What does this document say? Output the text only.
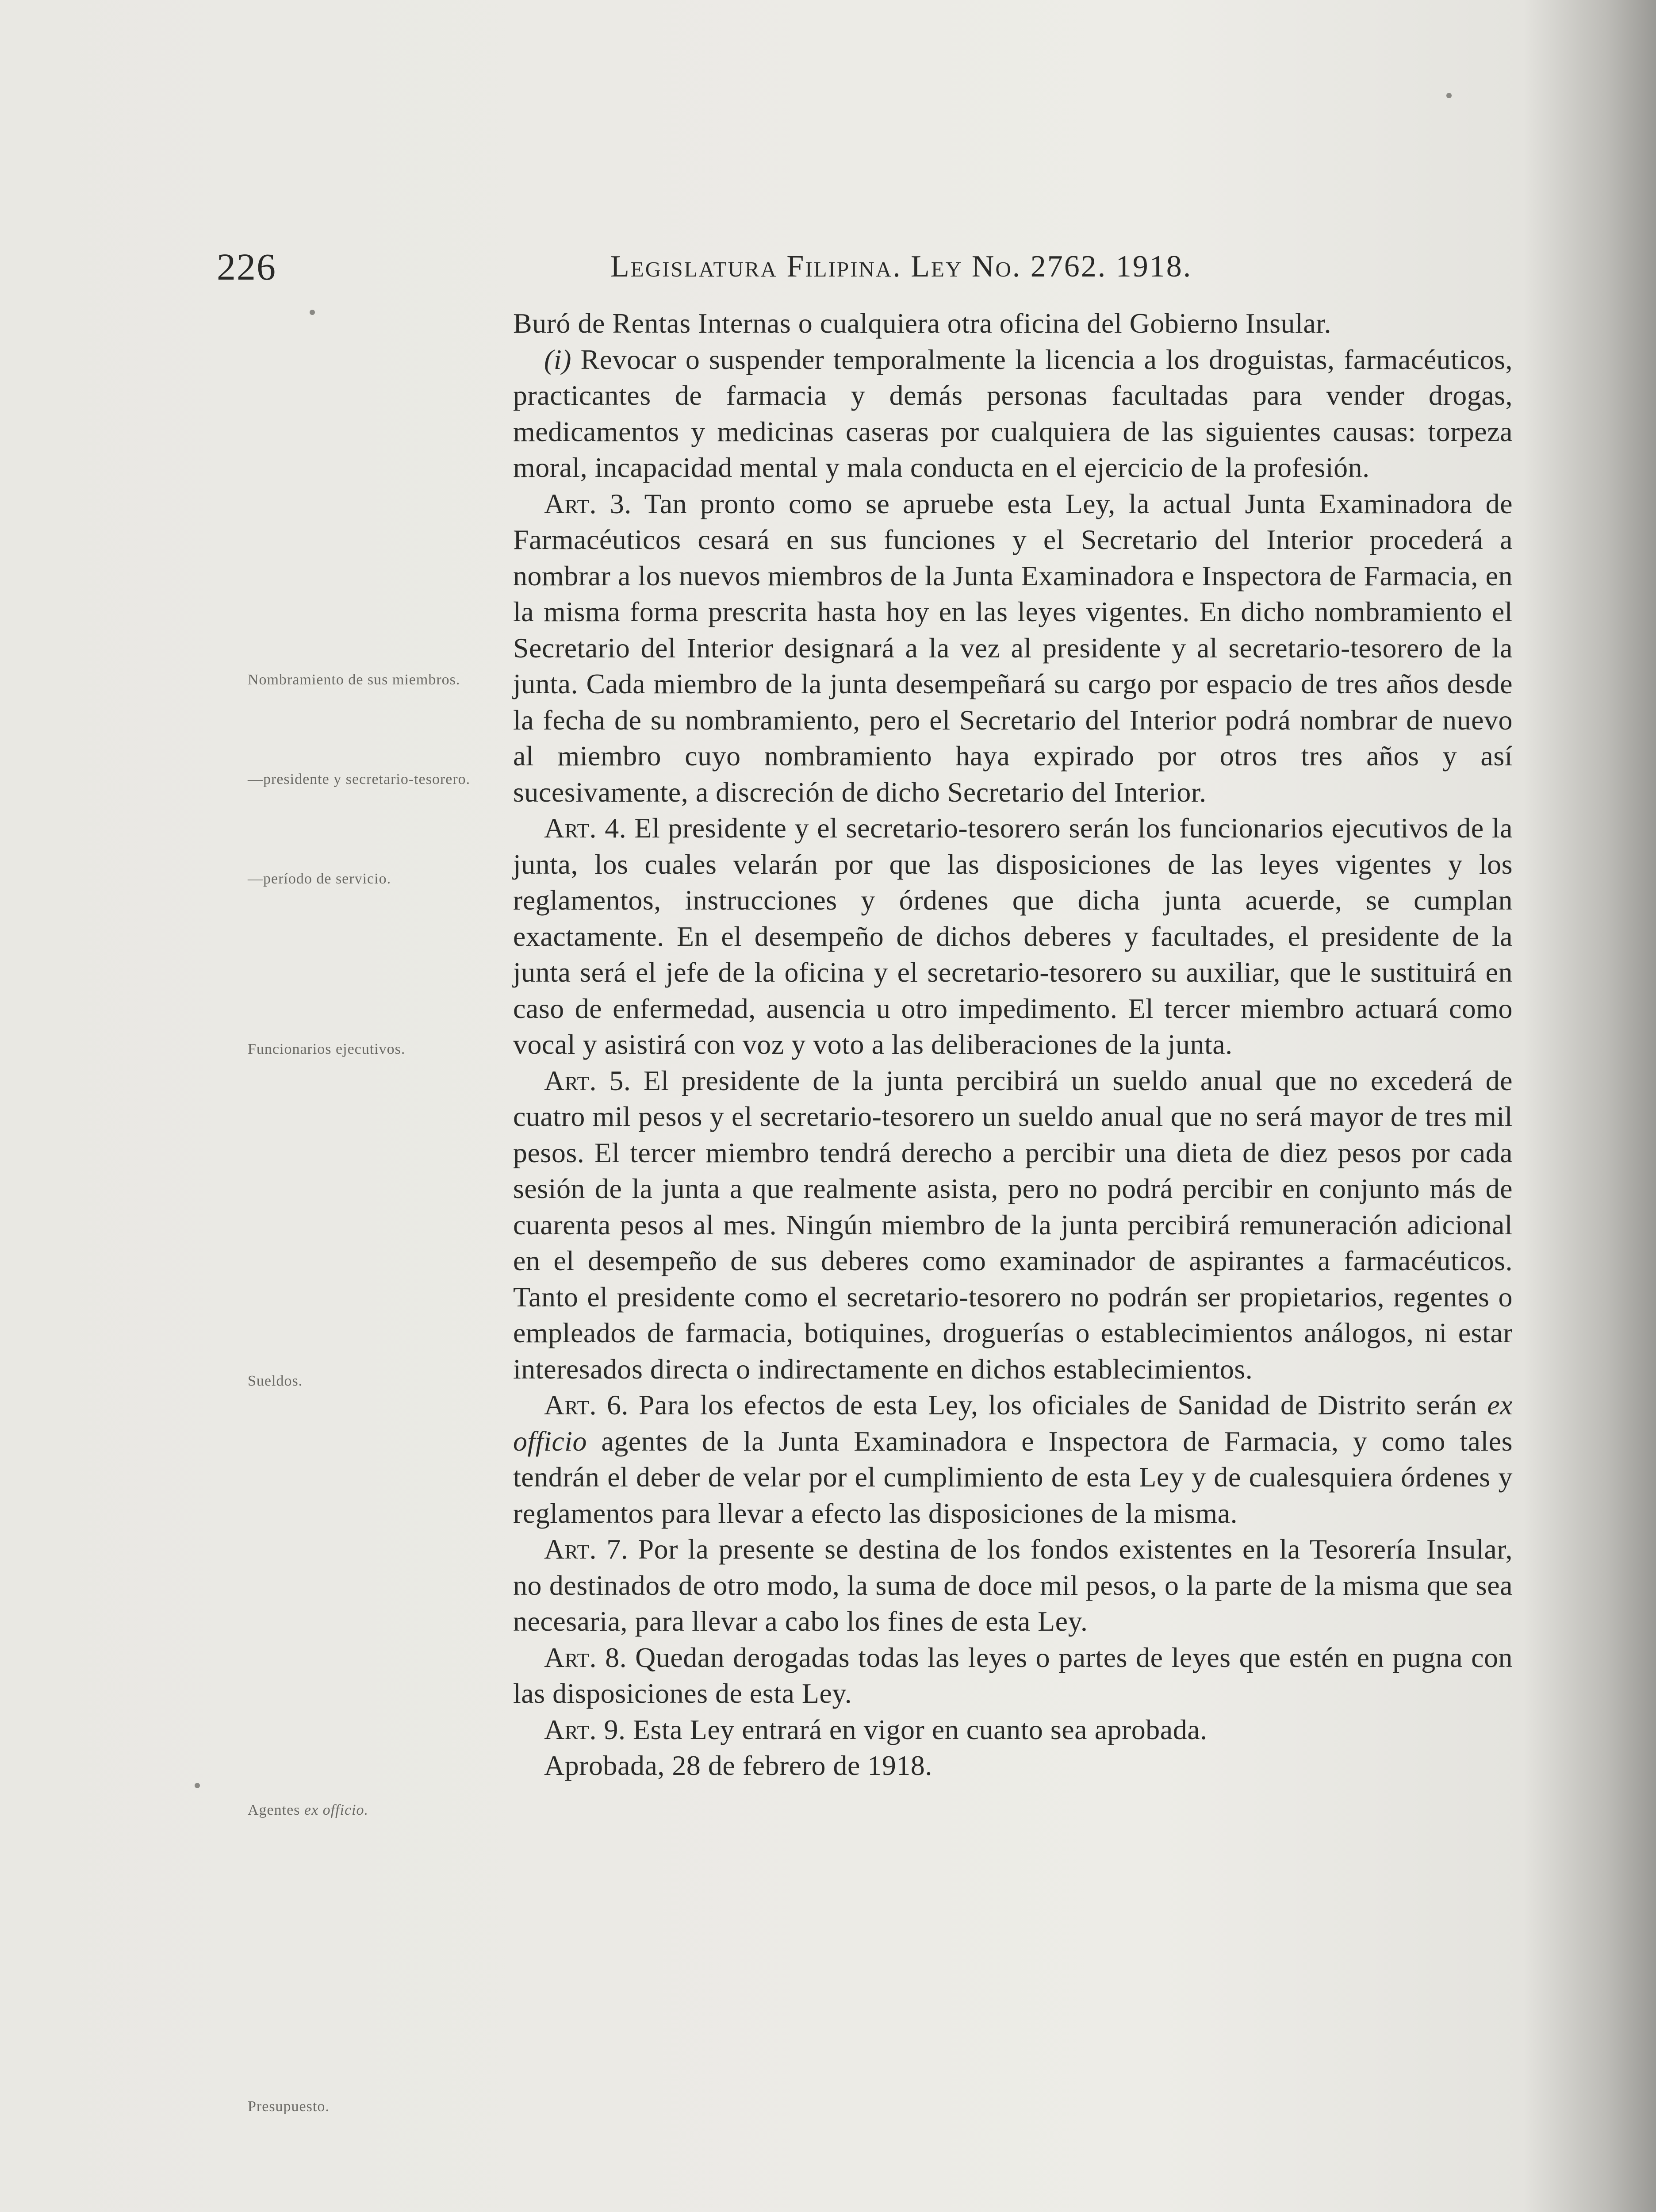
226	Legislatura Filipina. Ley No. 2762. 1918.
Nombramiento de sus miembros.
—presidente y secretario-tesorero.
—período de servicio.
Funcionarios ejecutivos.
Sueldos.
Agentes ex officio.
Presupuesto.

Buró de Rentas Internas o cualquiera otra oficina del Gobierno Insular.

(i) Revocar o suspender temporalmente la licencia a los droguistas, farmacéuticos, practicantes de farmacia y demás personas facultadas para vender drogas, medicamentos y medicinas caseras por cualquiera de las siguientes causas: torpeza moral, incapacidad mental y mala conducta en el ejercicio de la profesión.

Art. 3. Tan pronto como se apruebe esta Ley, la actual Junta Examinadora de Farmacéuticos cesará en sus funciones y el Secretario del Interior procederá a nombrar a los nuevos miembros de la Junta Examinadora e Inspectora de Farmacia, en la misma forma prescrita hasta hoy en las leyes vigentes. En dicho nombramiento el Secretario del Interior designará a la vez al presidente y al secretario-tesorero de la junta. Cada miembro de la junta desempeñará su cargo por espacio de tres años desde la fecha de su nombramiento, pero el Secretario del Interior podrá nombrar de nuevo al miembro cuyo nombramiento haya expirado por otros tres años y así sucesivamente, a discreción de dicho Secretario del Interior.

Art. 4. El presidente y el secretario-tesorero serán los funcionarios ejecutivos de la junta, los cuales velarán por que las disposiciones de las leyes vigentes y los reglamentos, instrucciones y órdenes que dicha junta acuerde, se cumplan exactamente. En el desempeño de dichos deberes y facultades, el presidente de la junta será el jefe de la oficina y el secretario-tesorero su auxiliar, que le sustituirá en caso de enfermedad, ausencia u otro impedimento. El tercer miembro actuará como vocal y asistirá con voz y voto a las deliberaciones de la junta.

Art. 5. El presidente de la junta percibirá un sueldo anual que no excederá de cuatro mil pesos y el secretario-tesorero un sueldo anual que no será mayor de tres mil pesos. El tercer miembro tendrá derecho a percibir una dieta de diez pesos por cada sesión de la junta a que realmente asista, pero no podrá percibir en conjunto más de cuarenta pesos al mes. Ningún miembro de la junta percibirá remuneración adicional en el desempeño de sus deberes como examinador de aspirantes a farmacéuticos. Tanto el presidente como el secretario-tesorero no podrán ser propietarios, regentes o empleados de farmacia, botiquines, droguerías o establecimientos análogos, ni estar interesados directa o indirectamente en dichos establecimientos.

Art. 6. Para los efectos de esta Ley, los oficiales de Sanidad de Distrito serán ex officio agentes de la Junta Examinadora e Inspectora de Farmacia, y como tales tendrán el deber de velar por el cumplimiento de esta Ley y de cualesquiera órdenes y reglamentos para llevar a efecto las disposiciones de la misma.

Art. 7. Por la presente se destina de los fondos existentes en la Tesorería Insular, no destinados de otro modo, la suma de doce mil pesos, o la parte de la misma que sea necesaria, para llevar a cabo los fines de esta Ley.

Art. 8. Quedan derogadas todas las leyes o partes de leyes que estén en pugna con las disposiciones de esta Ley.

Art. 9. Esta Ley entrará en vigor en cuanto sea aprobada.

Aprobada, 28 de febrero de 1918.
